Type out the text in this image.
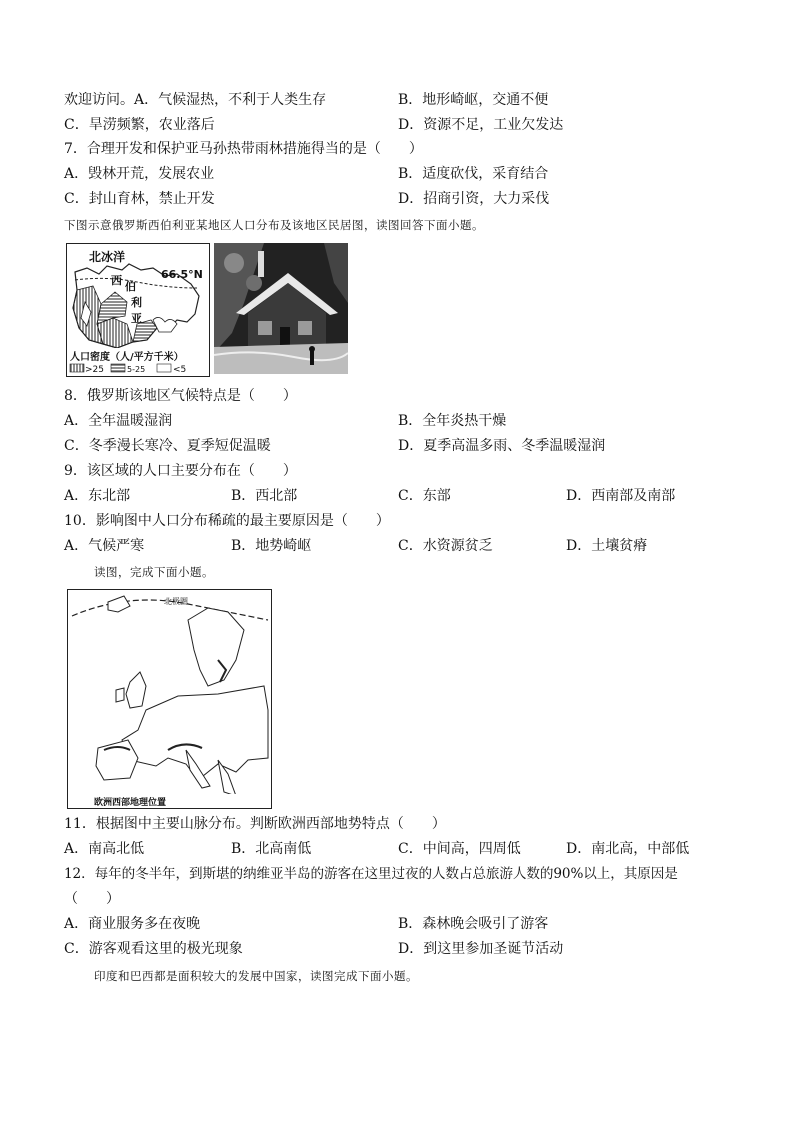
欢迎访问。 A．气候湿热，不利于人类生存	B．地形崎岖，交通不便
C．旱涝频繁，农业落后	D．资源不足，工业欠发达
7．合理开发和保护亚马孙热带雨林措施得当的是（　　）
A．毁林开荒，发展农业	B．适度砍伐，采育结合
C．封山育林，禁止开发	D．招商引资，大力采伐
下图示意俄罗斯西伯利亚某地区人口分布及该地区民居图，读图回答下面小题。
北冰洋
66.5°N
西 伯
利
亚
人口密度（人/平方千米）
>25	5-25	<5
8．俄罗斯该地区气候特点是（　　）
A．全年温暖湿润	B．全年炎热干燥
C．冬季漫长寒冷、夏季短促温暖	D．夏季高温多雨、冬季温暖湿润
9．该区域的人口主要分布在（　　）
A．东北部	B．西北部	C．东部	D．西南部及南部
10．影响图中人口分布稀疏的最主要原因是（　　）
A．气候严寒	B．地势崎岖	C．水资源贫乏	D．土壤贫瘠
读图，完成下面小题。
北极圈
欧洲西部地理位置
11．根据图中主要山脉分布。判断欧洲西部地势特点（　　）
A．南高北低	B．北高南低	C．中间高，四周低	D．南北高，中部低
12．每年的冬半年，到斯堪的纳维亚半岛的游客在这里过夜的人数占总旅游人数的90%以上，其原因是
（　　）
A．商业服务多在夜晚	B．森林晚会吸引了游客
C．游客观看这里的极光现象	D．到这里参加圣诞节活动
印度和巴西都是面积较大的发展中国家，读图完成下面小题。
